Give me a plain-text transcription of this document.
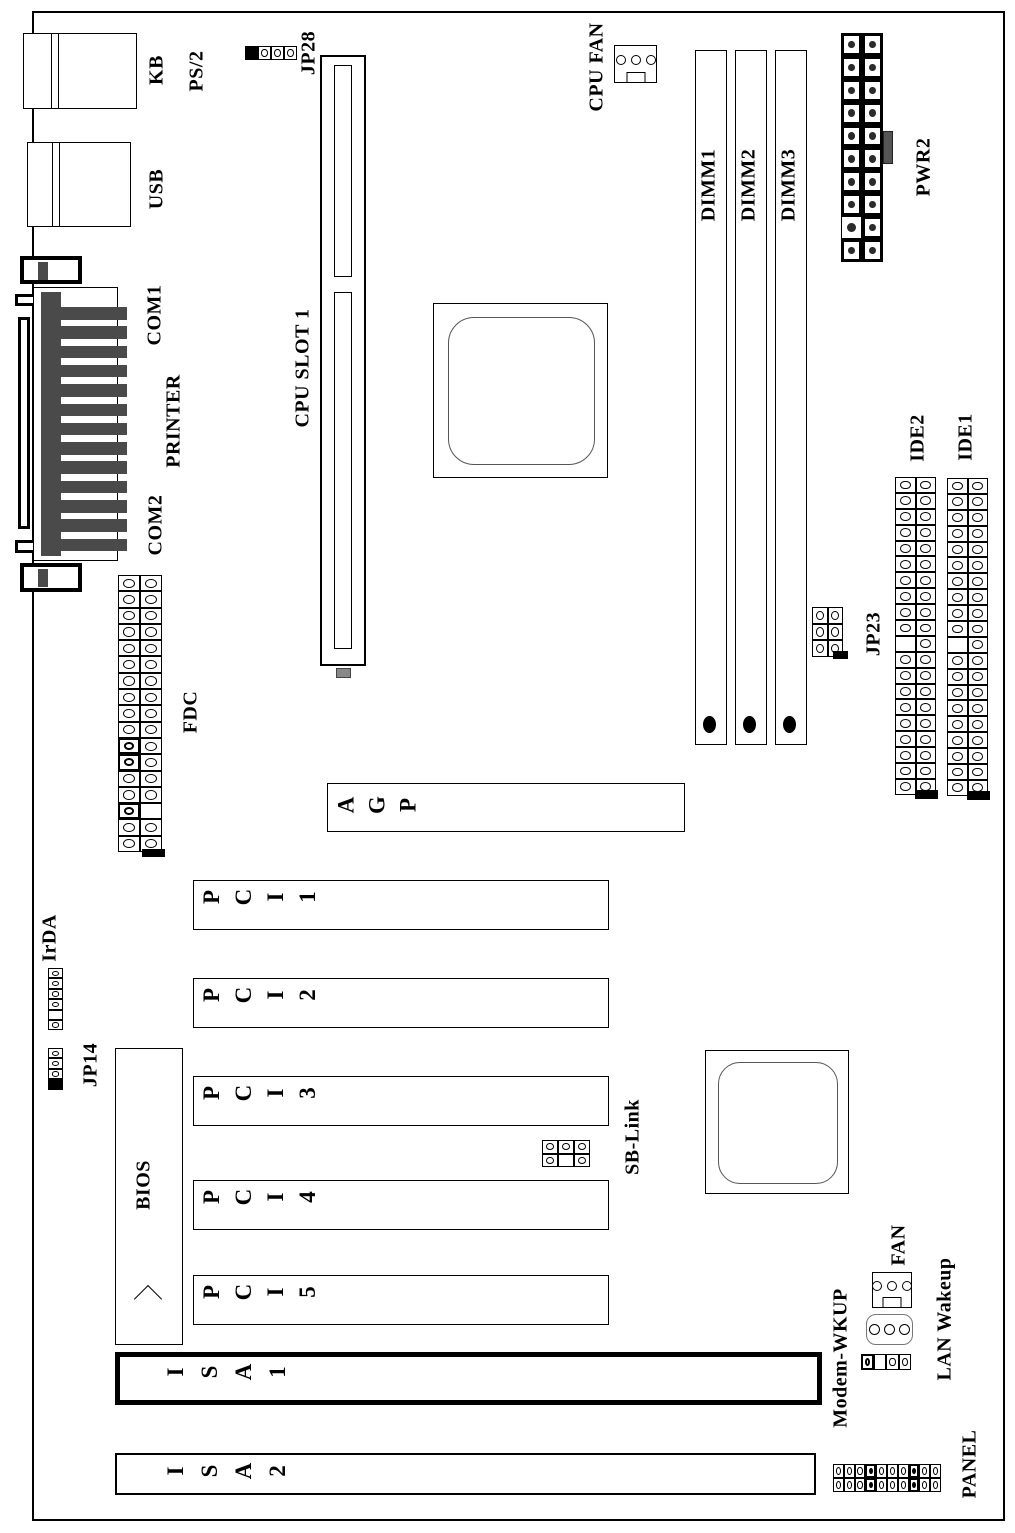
A G P
P C I 1
P C I 2
P C I 3
P C I 4
P C I 5
I S A 1
I S A 2
KB PS/2
USB
COM1
PRINTER
COM2
FDC
JP28
CPU SLOT 1
CPU FAN
DIMM1 DIMM2 DIMM3	PWR2
IDE2 IDE1
JP23
IrDA
JP14
BIOS
SB-Link
FAN
Modem-WKUP	LAN Wakeup
PANEL
